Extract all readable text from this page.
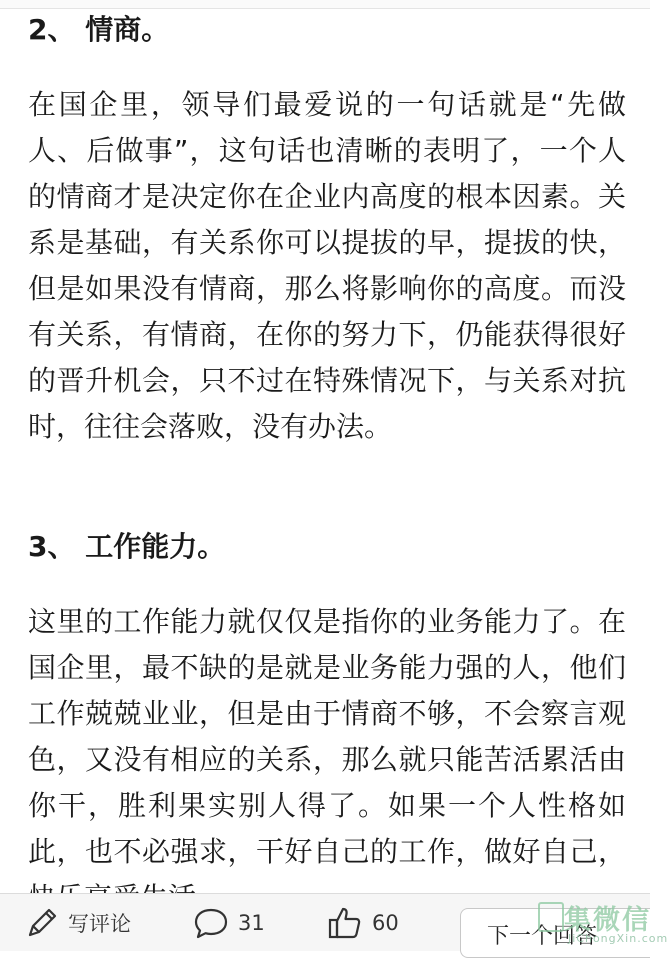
2、 情商。

在国企里，领导们最爱说的一句话就是“先做人、后做事”，这句话也清晰的表明了，一个人的情商才是决定你在企业内高度的根本因素。关系是基础，有关系你可以提拔的早，提拔的快，但是如果没有情商，那么将影响你的高度。而没有关系，有情商，在你的努力下，仍能获得很好的晋升机会，只不过在特殊情况下，与关系对抗时，往往会落败，没有办法。

3、 工作能力。

这里的工作能力就仅仅是指你的业务能力了。在国企里，最不缺的是就是业务能力强的人，他们工作兢兢业业，但是由于情商不够，不会察言观色，又没有相应的关系，那么就只能苦活累活由你干，胜利果实别人得了。如果一个人性格如此，也不必强求，干好自己的工作，做好自己，

写评论	31	60
下一个回答
集微信
JiChongXin.com
